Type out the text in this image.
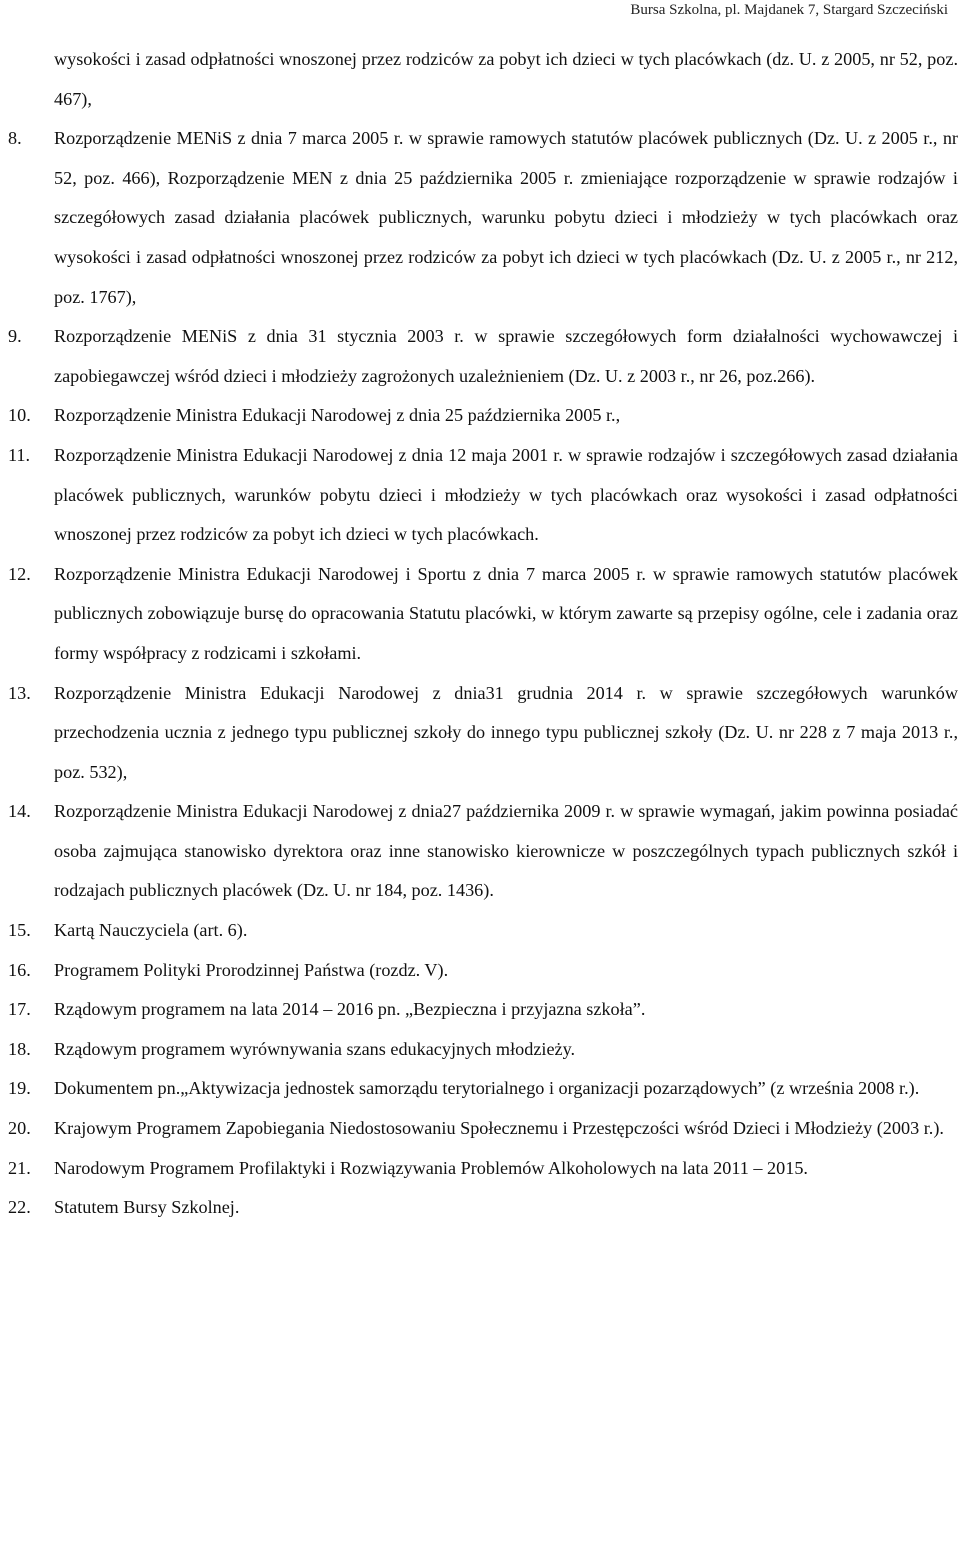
Bursa Szkolna, pl. Majdanek 7, Stargard Szczeciński
wysokości i zasad odpłatności wnoszonej przez rodziców za pobyt ich dzieci w tych placówkach (dz. U. z 2005, nr 52, poz. 467),
8.	Rozporządzenie MENiS z dnia 7 marca 2005 r. w sprawie ramowych statutów placówek publicznych (Dz. U. z 2005 r., nr 52, poz. 466), Rozporządzenie MEN z dnia 25 października 2005 r. zmieniające rozporządzenie w sprawie rodzajów i szczegółowych zasad działania placówek publicznych, warunku pobytu dzieci i młodzieży w tych placówkach oraz wysokości i zasad odpłatności wnoszonej przez rodziców za pobyt ich dzieci w tych placówkach (Dz. U. z 2005 r., nr 212, poz. 1767),
9.	Rozporządzenie MENiS z dnia 31 stycznia 2003 r. w sprawie szczegółowych form działalności wychowawczej i zapobiegawczej wśród dzieci i młodzieży zagrożonych uzależnieniem (Dz. U. z 2003 r., nr 26, poz.266).
10.	Rozporządzenie Ministra Edukacji Narodowej z dnia 25 października 2005 r.,
11.	Rozporządzenie Ministra Edukacji Narodowej z dnia 12 maja 2001 r. w sprawie rodzajów i szczegółowych zasad działania placówek publicznych, warunków pobytu dzieci i młodzieży w tych placówkach oraz wysokości i zasad odpłatności wnoszonej przez rodziców za pobyt ich dzieci w tych placówkach.
12.	Rozporządzenie Ministra Edukacji Narodowej i Sportu z dnia 7 marca 2005 r. w sprawie ramowych statutów placówek publicznych zobowiązuje bursę do opracowania Statutu placówki, w którym zawarte są przepisy ogólne, cele i zadania oraz formy współpracy z rodzicami i szkołami.
13.	Rozporządzenie Ministra Edukacji Narodowej z dnia31 grudnia 2014 r. w sprawie szczegółowych warunków przechodzenia ucznia z jednego typu publicznej szkoły do innego typu publicznej szkoły (Dz. U. nr 228 z 7 maja 2013 r., poz. 532),
14.	Rozporządzenie Ministra Edukacji Narodowej z dnia27 października 2009 r. w sprawie wymagań, jakim powinna posiadać osoba zajmująca stanowisko dyrektora oraz inne stanowisko kierownicze w poszczególnych typach publicznych szkół i rodzajach publicznych placówek (Dz. U. nr 184, poz. 1436).
15.	Kartą Nauczyciela (art. 6).
16.	Programem Polityki Prorodzinnej Państwa (rozdz. V).
17.	Rządowym programem na lata 2014 – 2016 pn. „Bezpieczna i przyjazna szkoła”.
18.	Rządowym programem wyrównywania szans edukacyjnych młodzieży.
19.	Dokumentem pn.„Aktywizacja jednostek samorządu terytorialnego i organizacji pozarządowych” (z września 2008 r.).
20.	Krajowym Programem Zapobiegania Niedostosowaniu Społecznemu i Przestępczości wśród Dzieci i Młodzieży (2003 r.).
21.	Narodowym Programem Profilaktyki i Rozwiązywania Problemów Alkoholowych na lata 2011 – 2015.
22.	Statutem Bursy Szkolnej.
